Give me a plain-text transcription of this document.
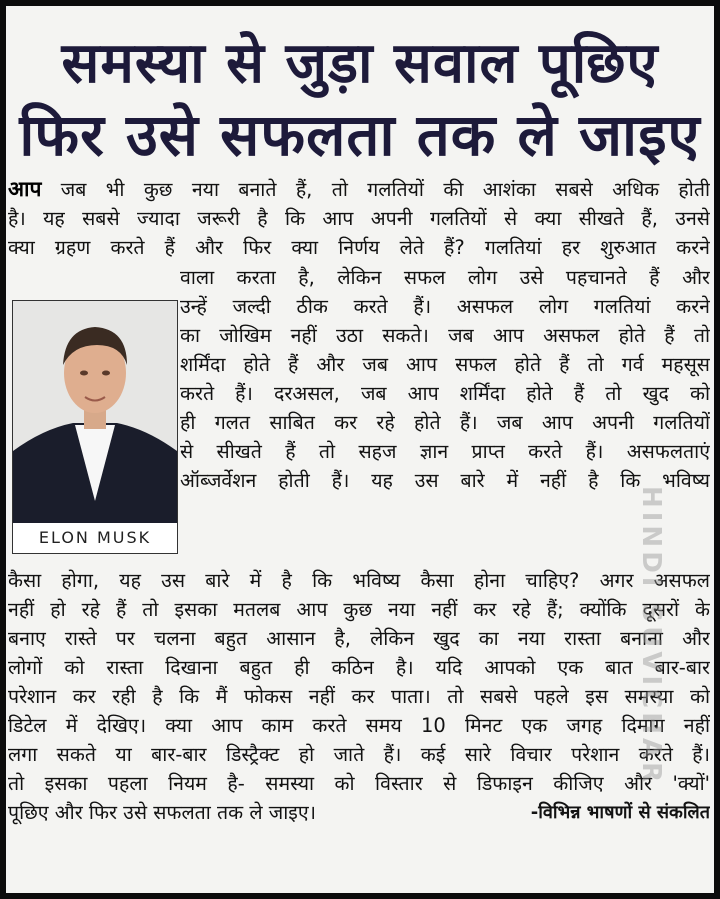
समस्या से जुड़ा सवाल पूछिए
फिर उसे सफलता तक ले जाइए
आप जब भी कुछ नया बनाते हैं, तो गलतियों की आशंका सबसे अधिक होती
है। यह सबसे ज्यादा जरूरी है कि आप अपनी गलतियों से क्या सीखते हैं, उनसे
क्या ग्रहण करते हैं और फिर क्या निर्णय लेते हैं? गलतियां हर शुरुआत करने
ELON MUSK
वाला करता है, लेकिन सफल लोग उसे पहचानते हैं और
उन्हें जल्दी ठीक करते हैं। असफल लोग गलतियां करने
का जोखिम नहीं उठा सकते। जब आप असफल होते हैं तो
शर्मिंदा होते हैं और जब आप सफल होते हैं तो गर्व महसूस
करते हैं। दरअसल, जब आप शर्मिंदा होते हैं तो खुद को
ही गलत साबित कर रहे होते हैं। जब आप अपनी गलतियों
से सीखते हैं तो सहज ज्ञान प्राप्त करते हैं। असफलताएं
ऑब्जर्वेशन होती हैं। यह उस बारे में नहीं है कि भविष्य
कैसा होगा, यह उस बारे में है कि भविष्य कैसा होना चाहिए? अगर असफल
नहीं हो रहे हैं तो इसका मतलब आप कुछ नया नहीं कर रहे हैं; क्योंकि दूसरों के
बनाए रास्ते पर चलना बहुत आसान है, लेकिन खुद का नया रास्ता बनाना और
लोगों को रास्ता दिखाना बहुत ही कठिन है। यदि आपको एक बात बार-बार
परेशान कर रही है कि मैं फोकस नहीं कर पाता। तो सबसे पहले इस समस्या को
डिटेल में देखिए। क्या आप काम करते समय 10 मिनट एक जगह दिमाग नहीं
लगा सकते या बार-बार डिस्ट्रैक्ट हो जाते हैं। कई सारे विचार परेशान करते हैं।
तो इसका पहला नियम है- समस्या को विस्तार से डिफाइन कीजिए और 'क्यों'
पूछिए और फिर उसे सफलता तक ले जाइए।	-विभिन्न भाषणों से संकलित
HINDI SUVICHAR
